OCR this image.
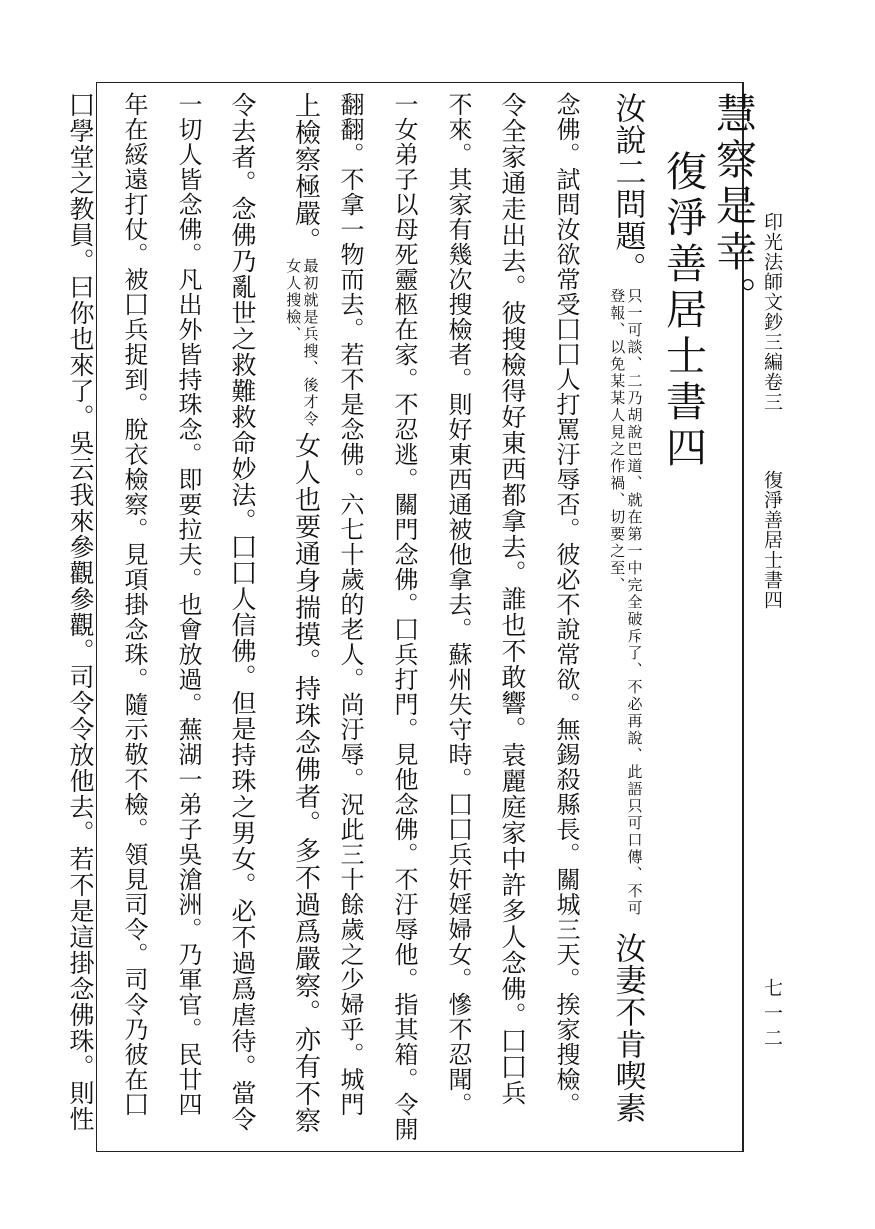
印光法師文鈔三編卷三
復淨善居士書四
七一二
慧察是幸。
復淨善居士書四
汝說二問題。只一可談、二乃胡說巴道、就在第一中完全破斥了、不必再說、此語只可口傳、不可登報、以免某某人見之作禍、切要之至、汝妻不肯喫素
念佛。試問汝欲常受囗囗人打罵汙辱否。彼必不說常欲。無錫殺縣長。關城三天。挨家搜檢。
令全家通走出去。彼搜檢得好東西都拿去。誰也不敢響。袁麗庭家中許多人念佛。囗囗兵
不來。其家有幾次搜檢者。則好東西通被他拿去。蘇州失守時。囗囗兵奸婬婦女。慘不忍聞。
一女弟子以母死靈柩在家。不忍逃。關門念佛。囗兵打門。見他念佛。不汙辱他。指其箱。令開
翻翻。不拿一物而去。若不是念佛。六七十歲的老人。尚汙辱。況此三十餘歲之少婦乎。城門
上檢察極嚴。最初就是兵搜、後才令女人搜檢、女人也要通身揣摸。持珠念佛者。多不過爲嚴察。亦有不察
令去者。念佛乃亂世之救難救命妙法。囗囗人信佛。但是持珠之男女。必不過爲虐待。當令
一切人皆念佛。凡出外皆持珠念。即要拉夫。也會放過。蕪湖一弟子吳滄洲。乃軍官。民廿四
年在綏遠打仗。被囗兵捉到。脫衣檢察。見項掛念珠。隨示敬不檢。領見司令。司令乃彼在囗
囗學堂之教員。曰你也來了。吳云我來參觀參觀。司令令放他去。若不是這掛念佛珠。則性
